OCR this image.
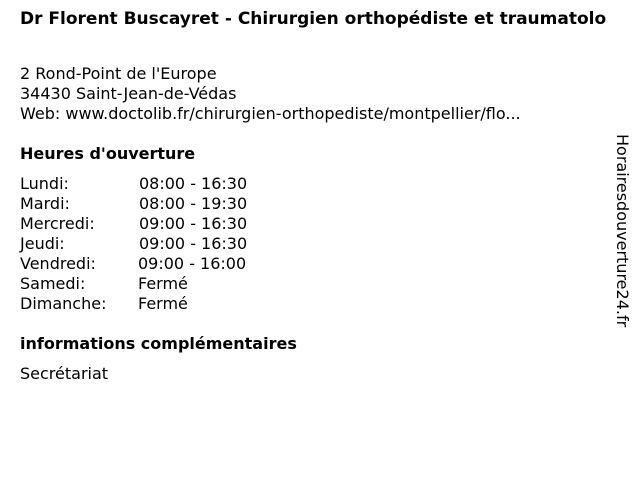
Dr Florent Buscayret - Chirurgien orthopédiste et traumatolo
2 Rond-Point de l'Europe
34430 Saint-Jean-de-Védas
Web: www.doctolib.fr/chirurgien-orthopediste/montpellier/flo...
Heures d'ouverture
Lundi:	08:00 - 16:30
Mardi:	08:00 - 19:30
Mercredi:	09:00 - 16:30
Jeudi:	09:00 - 16:30
Vendredi:	09:00 - 16:00
Samedi:	Fermé
Dimanche:	Fermé
informations complémentaires
Secrétariat
Horairesdouverture24.fr
